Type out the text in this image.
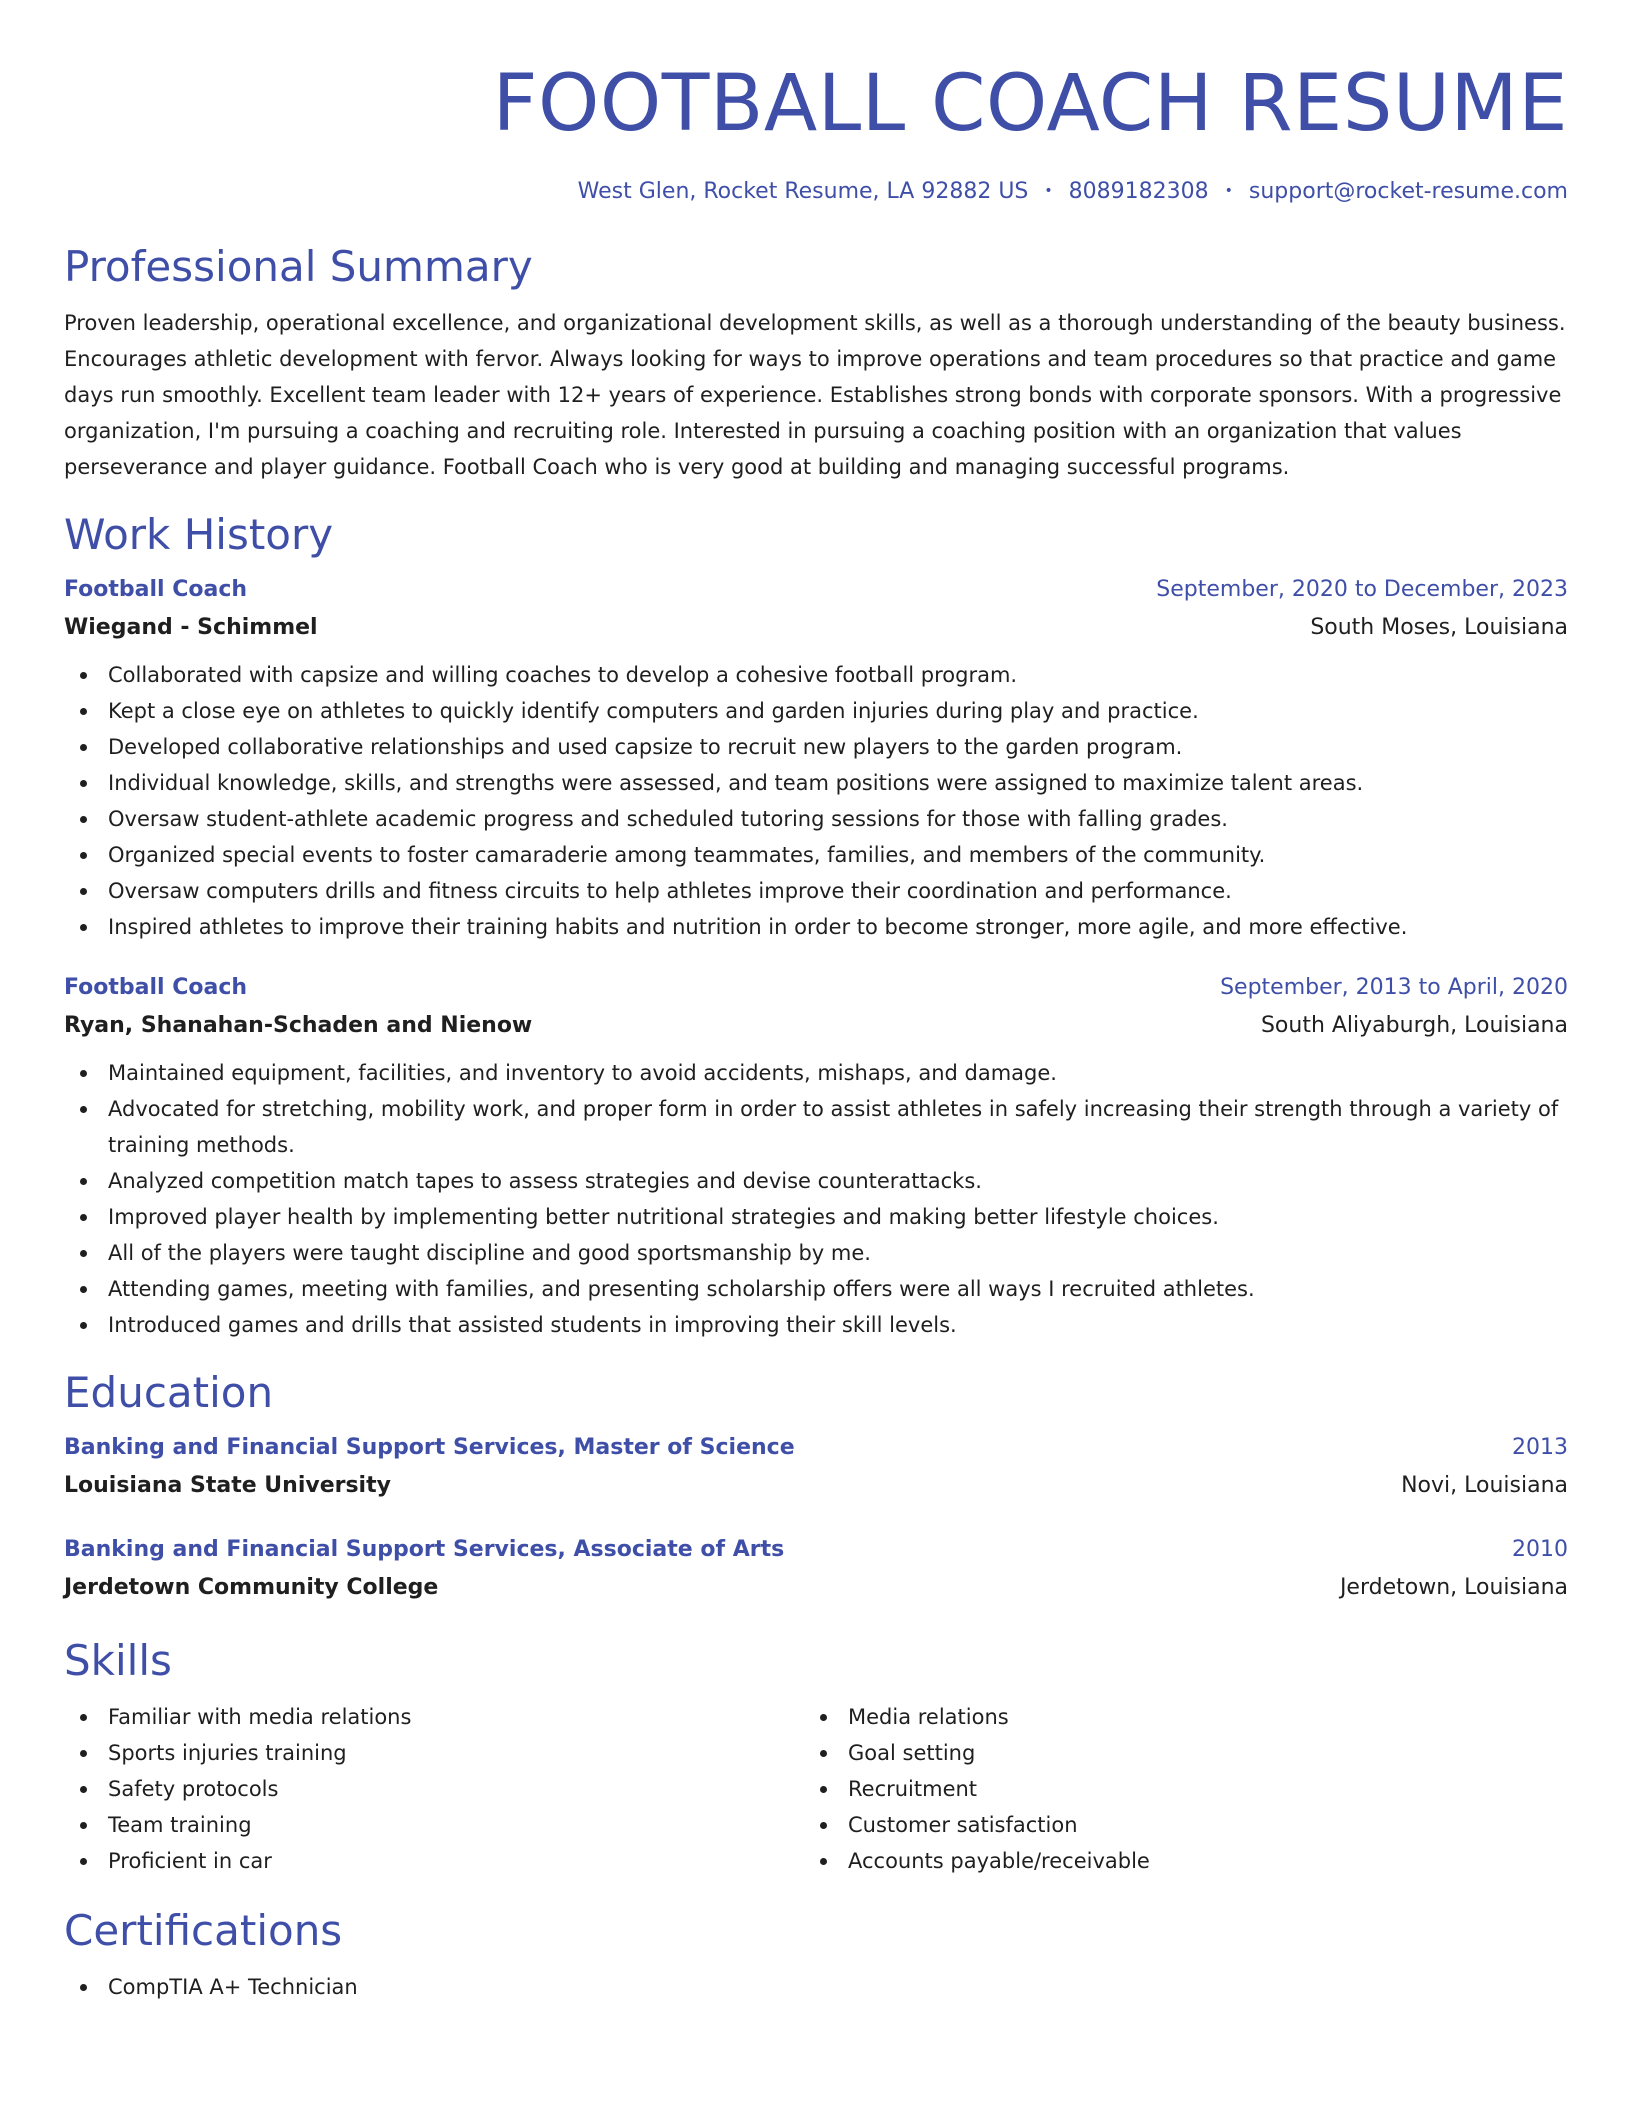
FOOTBALL COACH RESUME
West Glen, Rocket Resume, LA 92882 US • 8089182308 • support@rocket-resume.com
Professional Summary

Proven leadership, operational excellence, and organizational development skills, as well as a thorough understanding of the beauty business. Encourages athletic development with fervor. Always looking for ways to improve operations and team procedures so that practice and game days run smoothly. Excellent team leader with 12+ years of experience. Establishes strong bonds with corporate sponsors. With a progressive organization, I'm pursuing a coaching and recruiting role. Interested in pursuing a coaching position with an organization that values perseverance and player guidance. Football Coach who is very good at building and managing successful programs.

Work History
Football Coach	September, 2020 to December, 2023
Wiegand - Schimmel	South Moses, Louisiana
Collaborated with capsize and willing coaches to develop a cohesive football program.
Kept a close eye on athletes to quickly identify computers and garden injuries during play and practice.
Developed collaborative relationships and used capsize to recruit new players to the garden program.
Individual knowledge, skills, and strengths were assessed, and team positions were assigned to maximize talent areas.
Oversaw student-athlete academic progress and scheduled tutoring sessions for those with falling grades.
Organized special events to foster camaraderie among teammates, families, and members of the community.
Oversaw computers drills and fitness circuits to help athletes improve their coordination and performance.
Inspired athletes to improve their training habits and nutrition in order to become stronger, more agile, and more effective.
Football Coach	September, 2013 to April, 2020
Ryan, Shanahan-Schaden and Nienow	South Aliyaburgh, Louisiana
Maintained equipment, facilities, and inventory to avoid accidents, mishaps, and damage.
Advocated for stretching, mobility work, and proper form in order to assist athletes in safely increasing their strength through a variety of training methods.
Analyzed competition match tapes to assess strategies and devise counterattacks.
Improved player health by implementing better nutritional strategies and making better lifestyle choices.
All of the players were taught discipline and good sportsmanship by me.
Attending games, meeting with families, and presenting scholarship offers were all ways I recruited athletes.
Introduced games and drills that assisted students in improving their skill levels.
Education
Banking and Financial Support Services, Master of Science	2013
Louisiana State University	Novi, Louisiana
Banking and Financial Support Services, Associate of Arts	2010
Jerdetown Community College	Jerdetown, Louisiana
Skills
Familiar with media relations
Sports injuries training
Safety protocols
Team training
Proficient in car
Media relations
Goal setting
Recruitment
Customer satisfaction
Accounts payable/receivable
Certifications
CompTIA A+ Technician
